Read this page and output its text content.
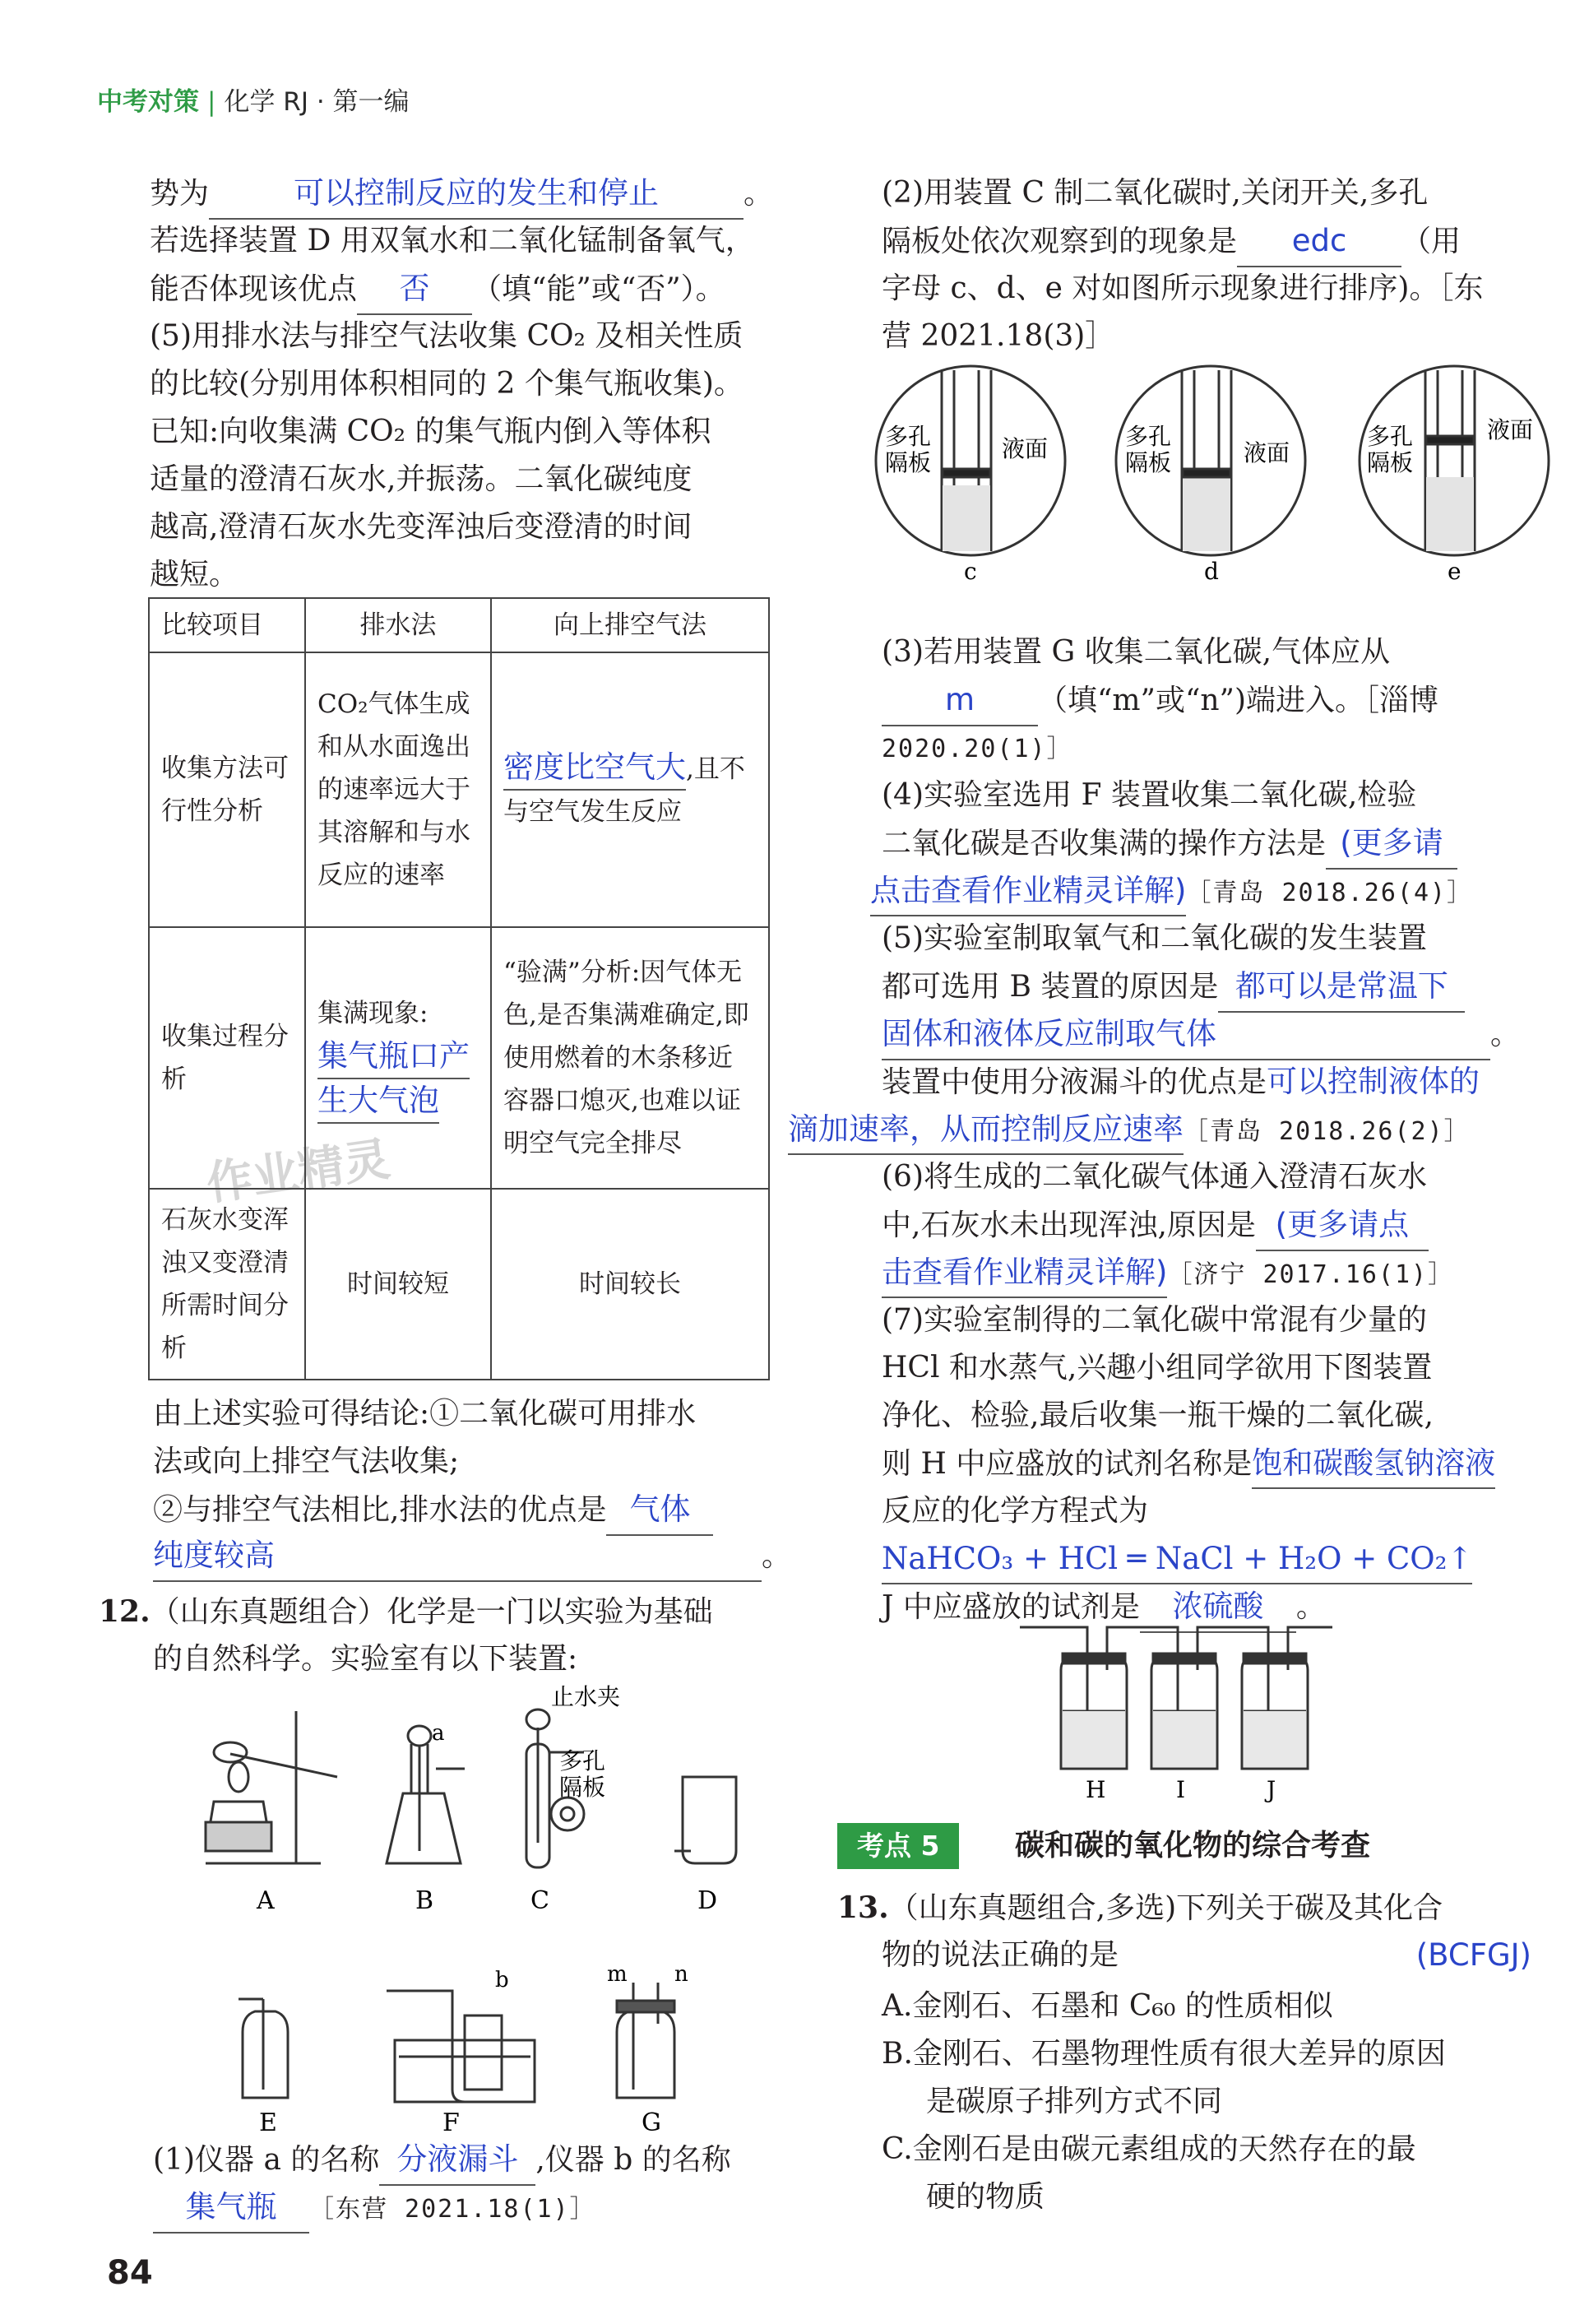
中考对策 | 化学 RJ · 第一编
作业精灵
势为	可以控制反应的发生和停止	。
若选择装置 D 用双氧水和二氧化锰制备氧气，
能否体现该优点 否 （填“能”或“否”）。
(5)用排水法与排空气法收集 CO₂ 及相关性质
的比较(分别用体积相同的 2 个集气瓶收集)。
已知:向收集满 CO₂ 的集气瓶内倒入等体积
适量的澄清石灰水,并振荡。二氧化碳纯度
越高,澄清石灰水先变浑浊后变澄清的时间
越短。
比较项目	排水法	向上排空气法
收集方法可行性分析	CO₂气体生成和从水面逸出的速率远大于其溶解和与水反应的速率	密度比空气大,且不与空气发生反应
收集过程分析	集满现象:
集气瓶口产
生大气泡	“验满”分析:因气体无色,是否集满难确定,即使用燃着的木条移近容器口熄灭,也难以证明空气完全排尽
石灰水变浑浊又变澄清所需时间分析	时间较短	时间较长
由上述实验可得结论:①二氧化碳可用排水
法或向上排空气法收集;
②与排空气法相比,排水法的优点是 气体
纯度较高	。
12.（山东真题组合）化学是一门以实验为基础
的自然科学。实验室有以下装置:
A
a
B
止水夹
多孔
隔板
C	D
E
b
F
m n
G
(1)仪器 a 的名称 分液漏斗 ,仪器 b 的名称
集气瓶 ［东营 2021.18(1)］
84
(2)用装置 C 制二氧化碳时,关闭开关,多孔
隔板处依次观察到的现象是 edc （用
字母 c、d、e 对如图所示现象进行排序)。［东
营 2021.18(3)］
多孔
隔板
液面
c
多孔
隔板	液面
d
多孔
隔板
液面
e
(3)若用装置 G 收集二氧化碳,气体应从
m （填“m”或“n”)端进入。［淄博
2020.20(1)］
(4)实验室选用 F 装置收集二氧化碳,检验
二氧化碳是否收集满的操作方法是 (更多请
点击查看作业精灵详解)［青岛 2018.26(4)］
(5)实验室制取氧气和二氧化碳的发生装置
都可选用 B 装置的原因是 都可以是常温下
固体和液体反应制取气体	。
装置中使用分液漏斗的优点是可以控制液体的
滴加速率，从而控制反应速率［青岛 2018.26(2)］
(6)将生成的二氧化碳气体通入澄清石灰水
中,石灰水未出现浑浊,原因是 (更多请点
击查看作业精灵详解)［济宁 2017.16(1)］
(7)实验室制得的二氧化碳中常混有少量的
HCl 和水蒸气,兴趣小组同学欲用下图装置
净化、检验,最后收集一瓶干燥的二氧化碳,
则 H 中应盛放的试剂名称是饱和碳酸氢钠溶液
反应的化学方程式为
NaHCO₃ + HCl ═ NaCl + H₂O + CO₂↑
J 中应盛放的试剂是 浓硫酸 。
H	I	J
考点 5	碳和碳的氧化物的综合考查
13.（山东真题组合,多选)下列关于碳及其化合
物的说法正确的是	(BCFGJ)
A.金刚石、石墨和 C₆₀ 的性质相似
B.金刚石、石墨物理性质有很大差异的原因
是碳原子排列方式不同
C.金刚石是由碳元素组成的天然存在的最
硬的物质
